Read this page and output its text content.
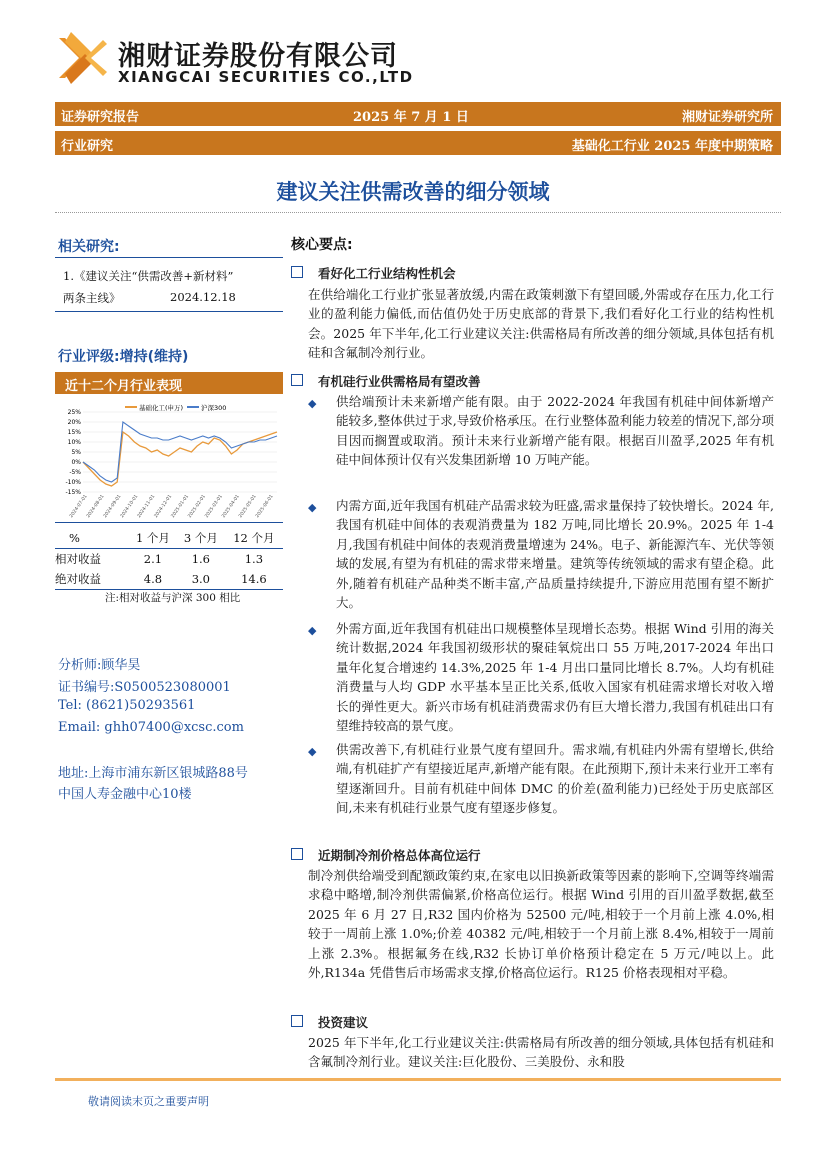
湘财证券股份有限公司
XIANGCAI SECURITIES CO.,LTD
证券研究报告	2025 年 7 月 1 日	湘财证券研究所
行业研究	基础化工行业 2025 年度中期策略
建议关注供需改善的细分领域
相关研究:
1.《建议关注“供需改善+新材料”
两条主线》	2024.12.18
行业评级:增持(维持)
近十二个月行业表现
25%
20%
15%
10%
5%
0%
-5%
-10%
-15%
2024-07-01
2024-08-01
2024-09-01
2024-10-01
2024-11-01
2024-12-01
2025-01-01
2025-02-01
2025-03-01
2025-04-01
2025-05-01
2025-06-01
基础化工(申万)	沪深300
%	1 个月	3 个月	12 个月
相对收益	2.1	1.6	1.3
绝对收益	4.8	3.0	14.6
注:相对收益与沪深 300 相比
分析师:顾华昊
证书编号:S0500523080001
Tel: (8621)50293561
Email: ghh07400@xcsc.com
地址:上海市浦东新区银城路88号
中国人寿金融中心10楼
核心要点:
看好化工行业结构性机会
在供给端化工行业扩张显著放缓,内需在政策刺激下有望回暖,外需或存在压力,化工行业的盈利能力偏低,而估值仍处于历史底部的背景下,我们看好化工行业的结构性机会。2025 年下半年,化工行业建议关注:供需格局有所改善的细分领域,具体包括有机硅和含氟制冷剂行业。
有机硅行业供需格局有望改善
◆ 供给端预计未来新增产能有限。由于 2022-2024 年我国有机硅中间体新增产能较多,整体供过于求,导致价格承压。在行业整体盈利能力较差的情况下,部分项目因而搁置或取消。预计未来行业新增产能有限。根据百川盈孚,2025 年有机硅中间体预计仅有兴发集团新增 10 万吨产能。
◆ 内需方面,近年我国有机硅产品需求较为旺盛,需求量保持了较快增长。2024 年,我国有机硅中间体的表观消费量为 182 万吨,同比增长 20.9%。2025 年 1-4 月,我国有机硅中间体的表观消费量增速为 24%。电子、新能源汽车、光伏等领域的发展,有望为有机硅的需求带来增量。建筑等传统领域的需求有望企稳。此外,随着有机硅产品种类不断丰富,产品质量持续提升,下游应用范围有望不断扩大。
◆ 外需方面,近年我国有机硅出口规模整体呈现增长态势。根据 Wind 引用的海关统计数据,2024 年我国初级形状的聚硅氧烷出口 55 万吨,2017-2024 年出口量年化复合增速约 14.3%,2025 年 1-4 月出口量同比增长 8.7%。人均有机硅消费量与人均 GDP 水平基本呈正比关系,低收入国家有机硅需求增长对收入增长的弹性更大。新兴市场有机硅消费需求仍有巨大增长潜力,我国有机硅出口有望维持较高的景气度。
◆ 供需改善下,有机硅行业景气度有望回升。需求端,有机硅内外需有望增长,供给端,有机硅扩产有望接近尾声,新增产能有限。在此预期下,预计未来行业开工率有望逐渐回升。目前有机硅中间体 DMC 的价差(盈利能力)已经处于历史底部区间,未来有机硅行业景气度有望逐步修复。
近期制冷剂价格总体高位运行
制冷剂供给端受到配额政策约束,在家电以旧换新政策等因素的影响下,空调等终端需求稳中略增,制冷剂供需偏紧,价格高位运行。根据 Wind 引用的百川盈孚数据,截至 2025 年 6 月 27 日,R32 国内价格为 52500 元/吨,相较于一个月前上涨 4.0%,相较于一周前上涨 1.0%;价差 40382 元/吨,相较于一个月前上涨 8.4%,相较于一周前上涨 2.3%。根据氟务在线,R32 长协订单价格预计稳定在 5 万元/吨以上。此外,R134a 凭借售后市场需求支撑,价格高位运行。R125 价格表现相对平稳。
投资建议
2025 年下半年,化工行业建议关注:供需格局有所改善的细分领域,具体包括有机硅和含氟制冷剂行业。建议关注:巨化股份、三美股份、永和股
敬请阅读末页之重要声明
